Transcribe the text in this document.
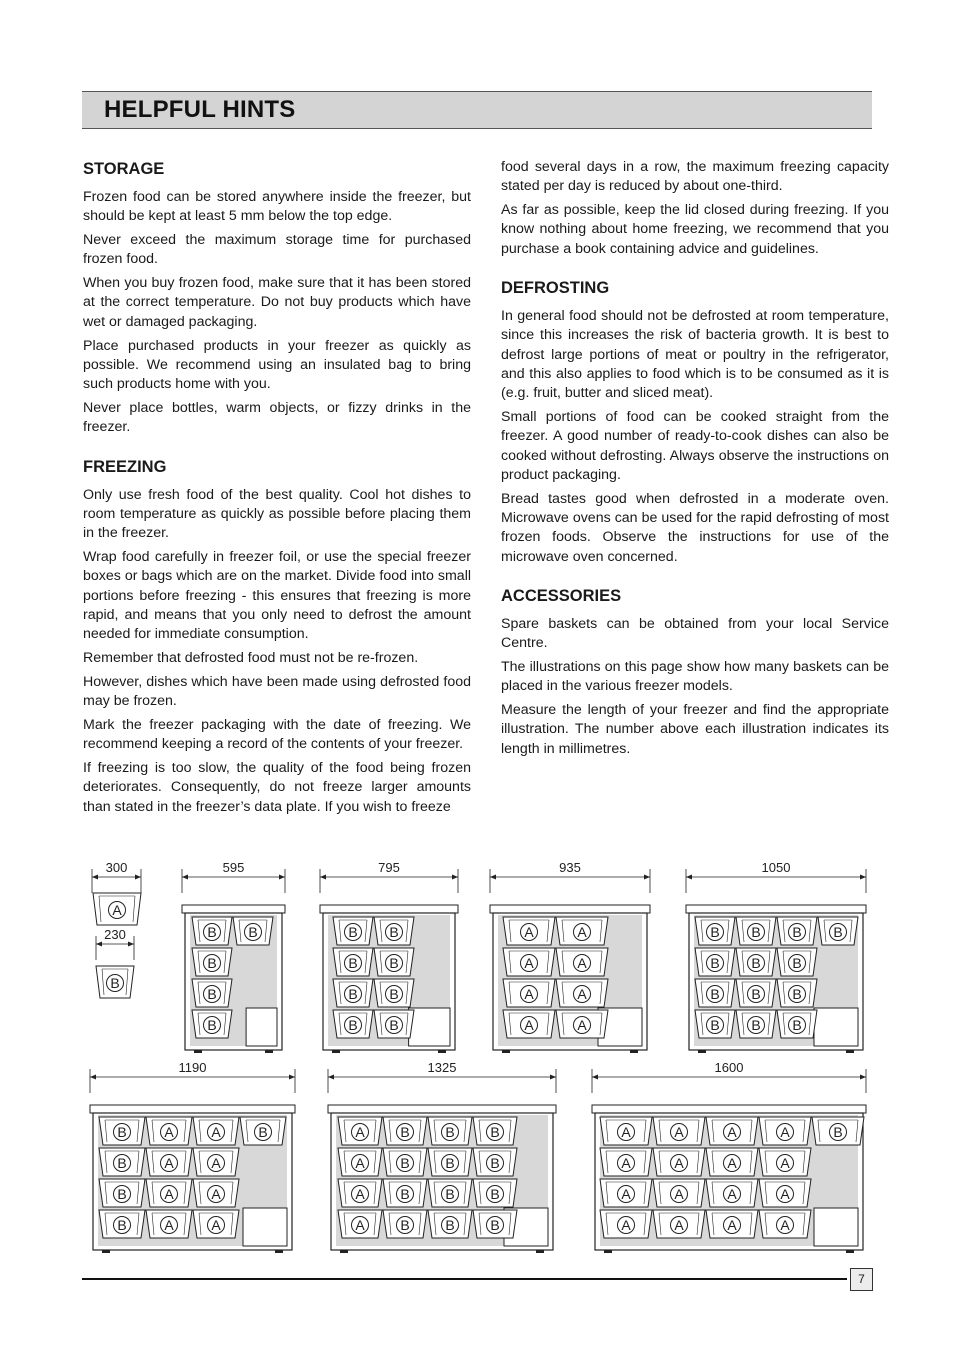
HELPFUL HINTS
STORAGE

Frozen food can be stored anywhere inside the freezer, but should be kept at least 5 mm below the top edge.

Never exceed the maximum storage time for purchased frozen food.

When you buy frozen food, make sure that it has been stored at the correct temperature. Do not buy products which have wet or damaged packaging.

Place purchased products in your freezer as quickly as possible. We recommend using an insulated bag to bring such products home with you.

Never place bottles, warm objects, or fizzy drinks in the freezer.

FREEZING

Only use fresh food of the best quality. Cool hot dishes to room temperature as quickly as possible before placing them in the freezer.

Wrap food carefully in freezer foil, or use the special freezer boxes or bags which are on the market. Divide food into small portions before freezing - this ensures that freezing is more rapid, and means that you only need to defrost the amount needed for immediate consumption.

Remember that defrosted food must not be re-frozen.

However, dishes which have been made using defrosted food may be frozen.

Mark the freezer packaging with the date of freezing. We recommend keeping a record of the contents of your freezer.

If freezing is too slow, the quality of the food being frozen deteriorates. Consequently, do not freeze larger amounts than stated in the freezer’s data plate. If you wish to freeze

food several days in a row, the maximum freezing capacity stated per day is reduced by about one-third.

As far as possible, keep the lid closed during freezing. If you know nothing about home freezing, we recommend that you purchase a book containing advice and guidelines.

DEFROSTING

In general food should not be defrosted at room temperature, since this increases the risk of bacteria growth. It is best to defrost large portions of meat or poultry in the refrigerator, and this also applies to food which is to be consumed as it is (e.g. fruit, butter and sliced meat).

Small portions of food can be cooked straight from the freezer. A good number of ready-to-cook dishes can also be cooked without defrosting. Always observe the instructions on product packaging.

Bread tastes good when defrosted in a moderate oven. Microwave ovens can be used for the rapid defrosting of most frozen foods. Observe the instructions for use of the microwave oven concerned.

ACCESSORIES

Spare baskets can be obtained from your local Service Centre.

The illustrations on this page show how many baskets can be placed in the various freezer models.

Measure the length of your freezer and find the appropriate illustration. The number above each illustration indicates its length in millimetres.

300
A
230
B
595
B B
B
B
B
795
B B
B B
B B
B B
935
A	A
A	A
A	A
A	A
1050
B B B B
B B B
B B B
B B B
1190
B	A	A	B
B	A	A
B	A	A
B	A	A
1325
A	B	B	B
A	B	B	B
A	B	B	B
A	B	B	B
1600
A	A	A	A	B
A	A	A	A
A	A	A	A
A	A	A	A
7
